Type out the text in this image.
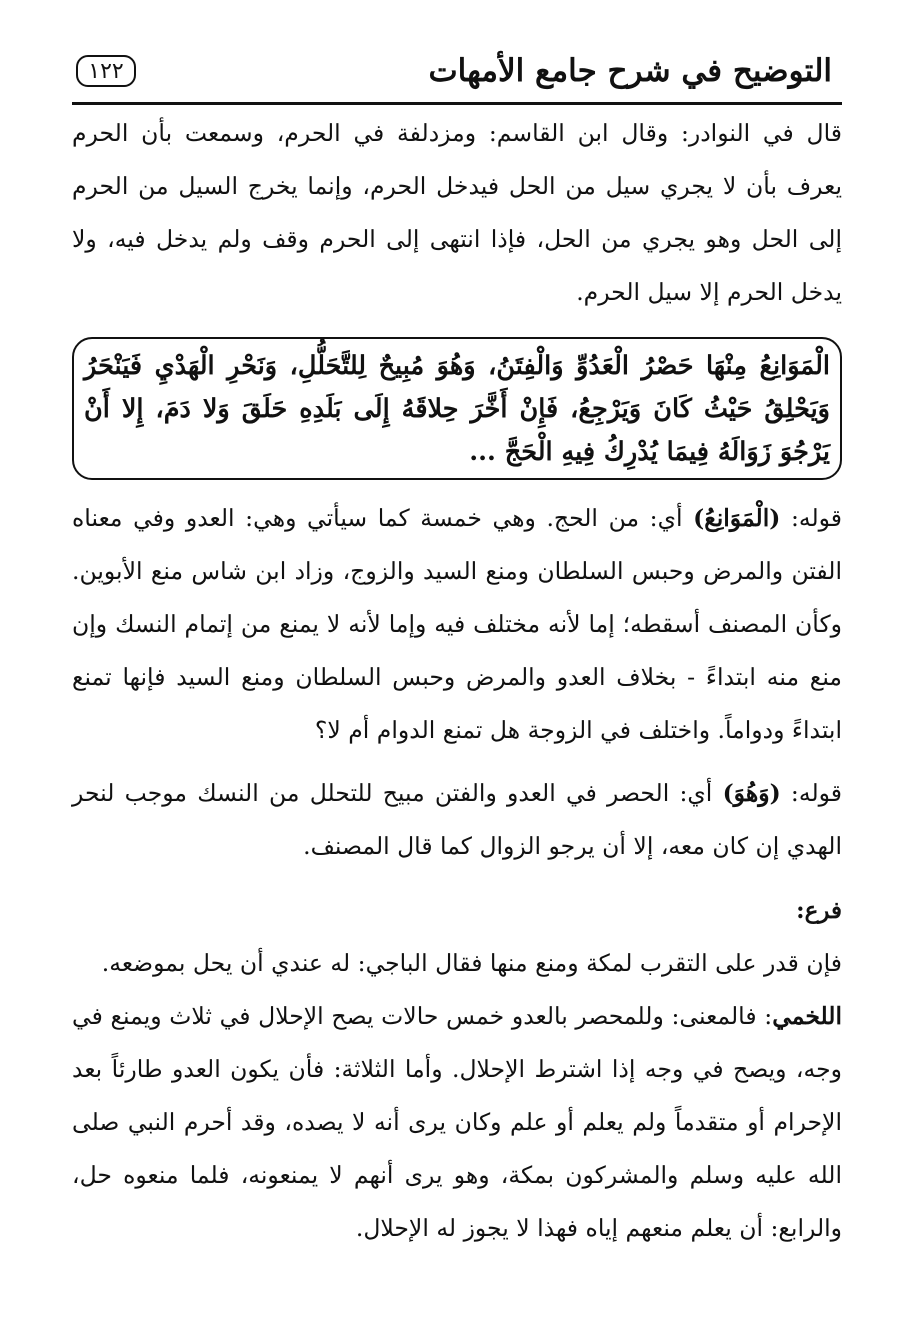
التوضيح في شرح جامع الأمهات
١٢٢

قال في النوادر: وقال ابن القاسم: ومزدلفة في الحرم، وسمعت بأن الحرم يعرف بأن لا يجري سيل من الحل فيدخل الحرم، وإنما يخرج السيل من الحرم إلى الحل وهو يجري من الحل، فإذا انتهى إلى الحرم وقف ولم يدخل فيه، ولا يدخل الحرم إلا سيل الحرم.

الْمَوَانِعُ مِنْهَا حَصْرُ الْعَدُوِّ وَالْفِتَنُ، وَهُوَ مُبِيحٌ لِلتَّحَلُّلِ، وَنَحْرِ الْهَدْيِ فَيَنْحَرُ وَيَحْلِقُ حَيْثُ كَانَ وَيَرْجِعُ، فَإِنْ أَخَّرَ حِلاقَهُ إِلَى بَلَدِهِ حَلَقَ وَلا دَمَ، إِلا أَنْ يَرْجُوَ زَوَالَهُ فِيمَا يُدْرِكُ فِيهِ الْحَجَّ ...

قوله: (الْمَوَانِعُ) أي: من الحج. وهي خمسة كما سيأتي وهي: العدو وفي معناه الفتن والمرض وحبس السلطان ومنع السيد والزوج، وزاد ابن شاس منع الأبوين. وكأن المصنف أسقطه؛ إما لأنه مختلف فيه وإما لأنه لا يمنع من إتمام النسك وإن منع منه ابتداءً - بخلاف العدو والمرض وحبس السلطان ومنع السيد فإنها تمنع ابتداءً ودواماً. واختلف في الزوجة هل تمنع الدوام أم لا؟

قوله: (وَهُوَ) أي: الحصر في العدو والفتن مبيح للتحلل من النسك موجب لنحر الهدي إن كان معه، إلا أن يرجو الزوال كما قال المصنف.

فرع:

فإن قدر على التقرب لمكة ومنع منها فقال الباجي: له عندي أن يحل بموضعه.

اللخمي: فالمعنى: وللمحصر بالعدو خمس حالات يصح الإحلال في ثلاث ويمنع في وجه، ويصح في وجه إذا اشترط الإحلال. وأما الثلاثة: فأن يكون العدو طارئاً بعد الإحرام أو متقدماً ولم يعلم أو علم وكان يرى أنه لا يصده، وقد أحرم النبي صلى الله عليه وسلم والمشركون بمكة، وهو يرى أنهم لا يمنعونه، فلما منعوه حل، والرابع: أن يعلم منعهم إياه فهذا لا يجوز له الإحلال.
